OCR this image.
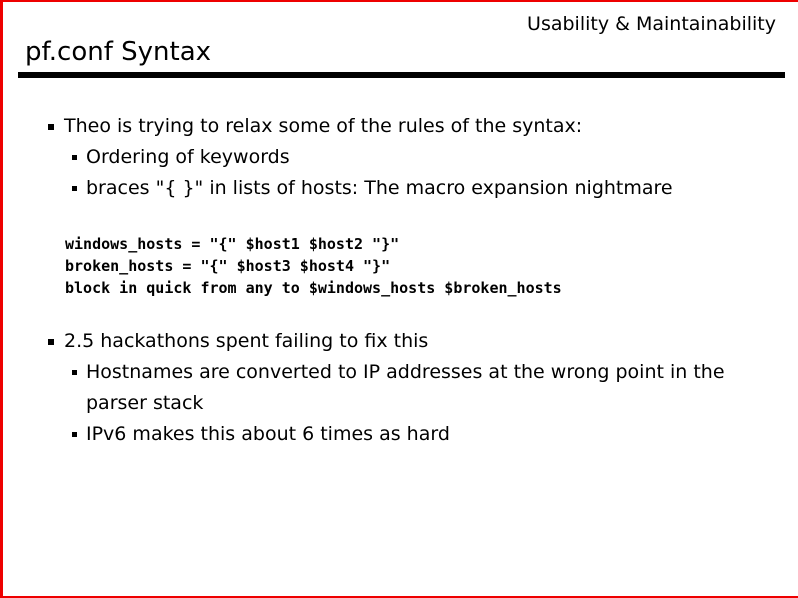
Usability & Maintainability
pf.conf Syntax
Theo is trying to relax some of the rules of the syntax:
Ordering of keywords
braces "{ }" in lists of hosts: The macro expansion nightmare
windows_hosts = "{" $host1 $host2 "}"
broken_hosts = "{" $host3 $host4 "}"
block in quick from any to $windows_hosts $broken_hosts
2.5 hackathons spent failing to fix this
Hostnames are converted to IP addresses at the wrong point in the parser stack
IPv6 makes this about 6 times as hard
